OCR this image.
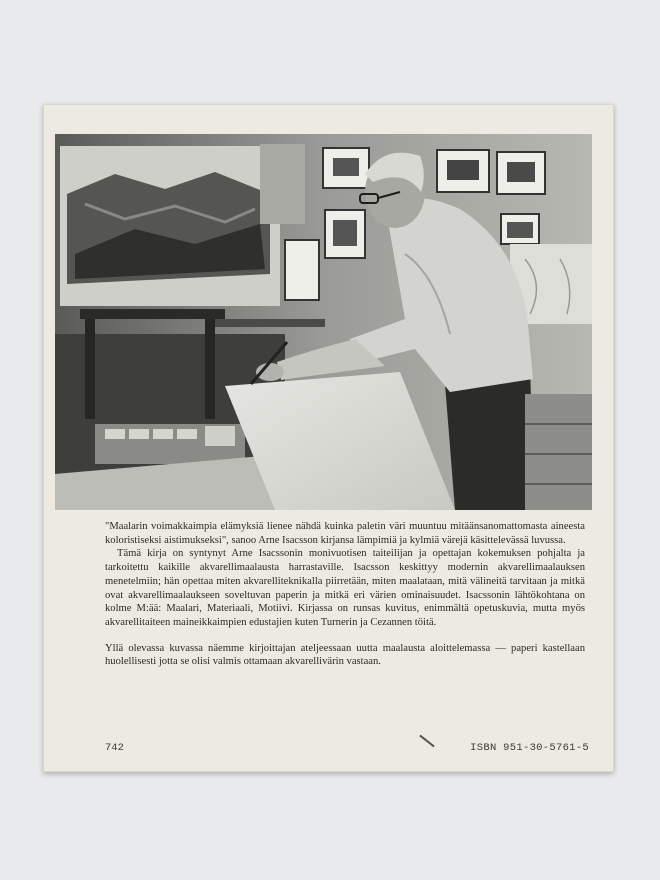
"Maalarin voimakkaimpia elämyksiä lienee nähdä kuinka paletin väri muuntuu mitäänsanomattomasta aineesta koloristiseksi aistimukseksi", sanoo Arne Isacsson kirjansa lämpimiä ja kylmiä värejä käsittelevässä luvussa.

Tämä kirja on syntynyt Arne Isacssonin monivuotisen taiteilijan ja opettajan kokemuksen pohjalta ja tarkoitettu kaikille akvarellimaalausta harrastaville. Isacsson keskittyy modernin akvarellimaalauksen menetelmiin; hän opettaa miten akvarelliteknikalla piirretään, miten maalataan, mitä välineitä tarvitaan ja mitkä ovat akvarellimaalaukseen soveltuvan paperin ja mitkä eri värien ominaisuudet. Isacssonin lähtökohtana on kolme M:ää: Maalari, Materiaali, Motiivi. Kirjassa on runsas kuvitus, enimmältä opetuskuvia, mutta myös akvarellitaiteen maineikkaimpien edustajien kuten Turnerin ja Cezannen töitä.

Yllä olevassa kuvassa näemme kirjoittajan ateljeessaan uutta maalausta aloittelemassa — paperi kastellaan huolellisesti jotta se olisi valmis ottamaan akvarellivärin vastaan.

742	ISBN 951-30-5761-5
